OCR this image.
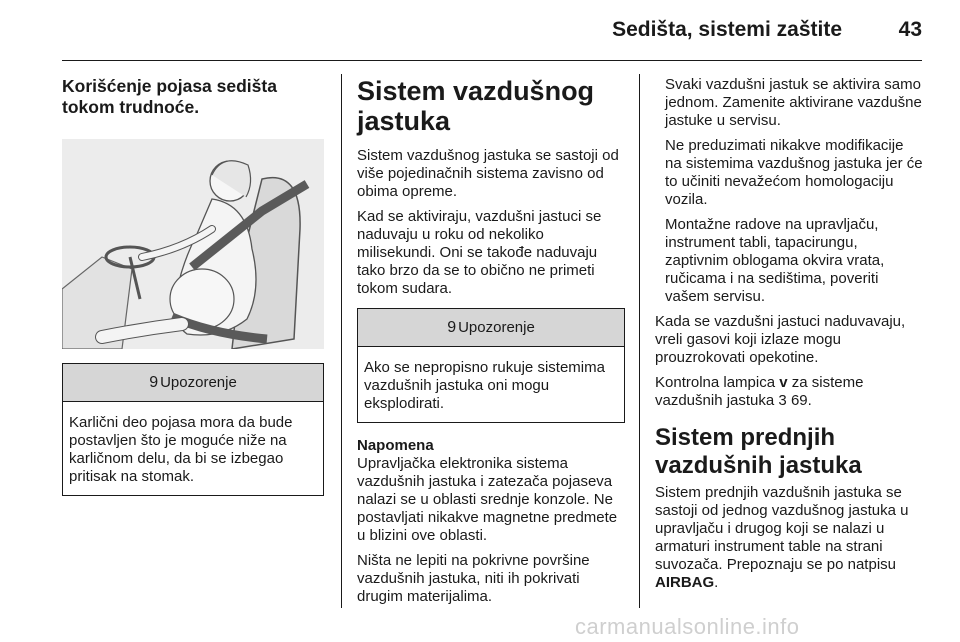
Sedišta, sistemi zaštite	43
Korišćenje pojasa sedišta tokom trudnoće.
9 Upozorenje
Karlični deo pojasa mora da bude postavljen što je moguće niže na karličnom delu, da bi se izbegao pritisak na stomak.
Sistem vazdušnog jastuka

Sistem vazdušnog jastuka se sastoji od više pojedinačnih sistema zavisno od obima opreme.

Kad se aktiviraju, vazdušni jastuci se naduvaju u roku od nekoliko milisekundi. Oni se takođe naduvaju tako brzo da se to obično ne primeti tokom sudara.

9 Upozorenje
Ako se nepropisno rukuje sistemima vazdušnih jastuka oni mogu eksplodirati.
Napomena

Upravljačka elektronika sistema vazdušnih jastuka i zatezača pojaseva nalazi se u oblasti srednje konzole. Ne postavljati nikakve magnetne predmete u blizini ove oblasti.

Ništa ne lepiti na pokrivne površine vazdušnih jastuka, niti ih pokrivati drugim materijalima.

Svaki vazdušni jastuk se aktivira samo jednom. Zamenite aktivirane vazdušne jastuke u servisu.

Ne preduzimati nikakve modifikacije na sistemima vazdušnog jastuka jer će to učiniti nevažećom homologaciju vozila.

Montažne radove na upravljaču, instrument tabli, tapacirungu, zaptivnim oblogama okvira vrata, ručicama i na sedištima, poveriti vašem servisu.

Kada se vazdušni jastuci naduvavaju, vreli gasovi koji izlaze mogu prouzrokovati opekotine.

Kontrolna lampica v za sisteme vazdušnih jastuka 3 69.

Sistem prednjih vazdušnih jastuka

Sistem prednjih vazdušnih jastuka se sastoji od jednog vazdušnog jastuka u upravljaču i drugog koji se nalazi u armaturi instrument table na strani suvozača. Prepoznaju se po natpisu AIRBAG.

carmanualsonline.info
